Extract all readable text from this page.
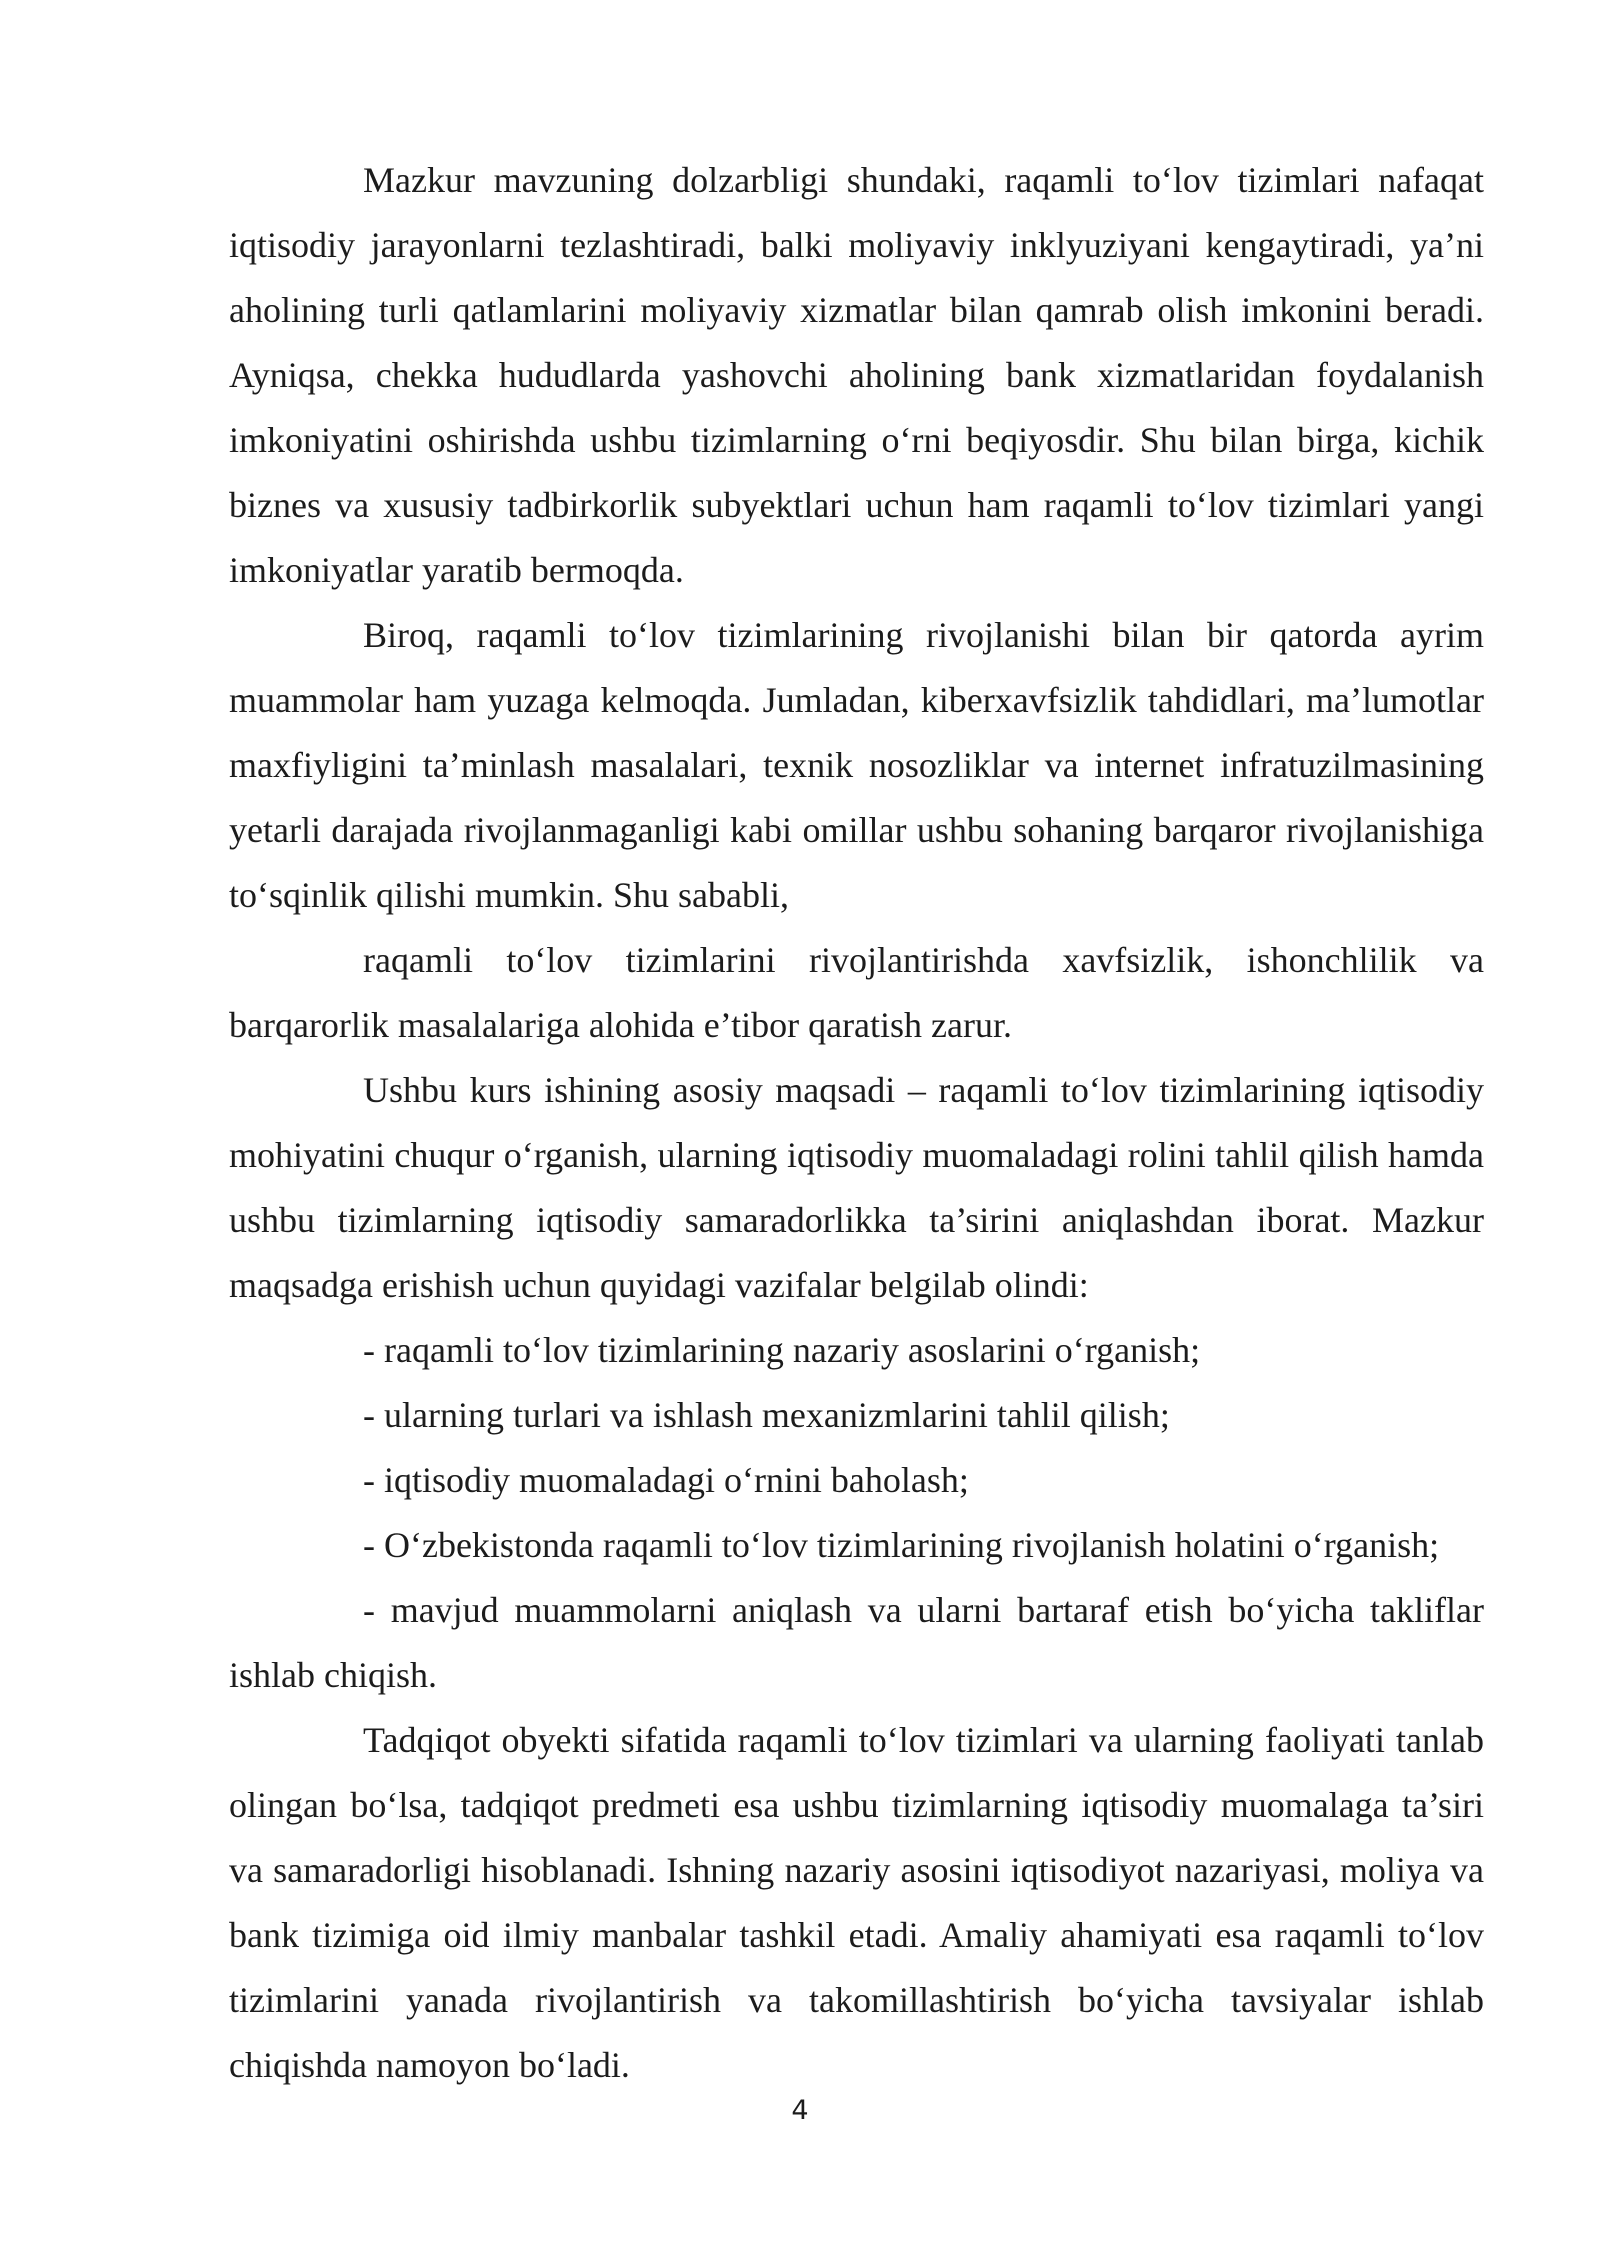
Mazkur mavzuning dolzarbligi shundaki, raqamli to‘lov tizimlari nafaqat iqtisodiy jarayonlarni tezlashtiradi, balki moliyaviy inklyuziyani kengaytiradi, ya’ni aholining turli qatlamlarini moliyaviy xizmatlar bilan qamrab olish imkonini beradi. Ayniqsa, chekka hududlarda yashovchi aholining bank xizmatlaridan foydalanish imkoniyatini oshirishda ushbu tizimlarning o‘rni beqiyosdir. Shu bilan birga, kichik biznes va xususiy tadbirkorlik subyektlari uchun ham raqamli to‘lov tizimlari yangi imkoniyatlar yaratib bermoqda.

Biroq, raqamli to‘lov tizimlarining rivojlanishi bilan bir qatorda ayrim muammolar ham yuzaga kelmoqda. Jumladan, kiberxavfsizlik tahdidlari, ma’lumotlar maxfiyligini ta’minlash masalalari, texnik nosozliklar va internet infratuzilmasining yetarli darajada rivojlanmaganligi kabi omillar ushbu sohaning barqaror rivojlanishiga to‘sqinlik qilishi mumkin. Shu sababli,

raqamli to‘lov tizimlarini rivojlantirishda xavfsizlik, ishonchlilik va barqarorlik masalalariga alohida e’tibor qaratish zarur.

Ushbu kurs ishining asosiy maqsadi – raqamli to‘lov tizimlarining iqtisodiy mohiyatini chuqur o‘rganish, ularning iqtisodiy muomaladagi rolini tahlil qilish hamda ushbu tizimlarning iqtisodiy samaradorlikka ta’sirini aniqlashdan iborat. Mazkur maqsadga erishish uchun quyidagi vazifalar belgilab olindi:

- raqamli to‘lov tizimlarining nazariy asoslarini o‘rganish;

- ularning turlari va ishlash mexanizmlarini tahlil qilish;

- iqtisodiy muomaladagi o‘rnini baholash;

- O‘zbekistonda raqamli to‘lov tizimlarining rivojlanish holatini o‘rganish;

- mavjud muammolarni aniqlash va ularni bartaraf etish bo‘yicha takliflar ishlab chiqish.

Tadqiqot obyekti sifatida raqamli to‘lov tizimlari va ularning faoliyati tanlab olingan bo‘lsa, tadqiqot predmeti esa ushbu tizimlarning iqtisodiy muomalaga ta’siri va samaradorligi hisoblanadi. Ishning nazariy asosini iqtisodiyot nazariyasi, moliya va bank tizimiga oid ilmiy manbalar tashkil etadi. Amaliy ahamiyati esa raqamli to‘lov tizimlarini yanada rivojlantirish va takomillashtirish bo‘yicha tavsiyalar ishlab chiqishda namoyon bo‘ladi.

4
